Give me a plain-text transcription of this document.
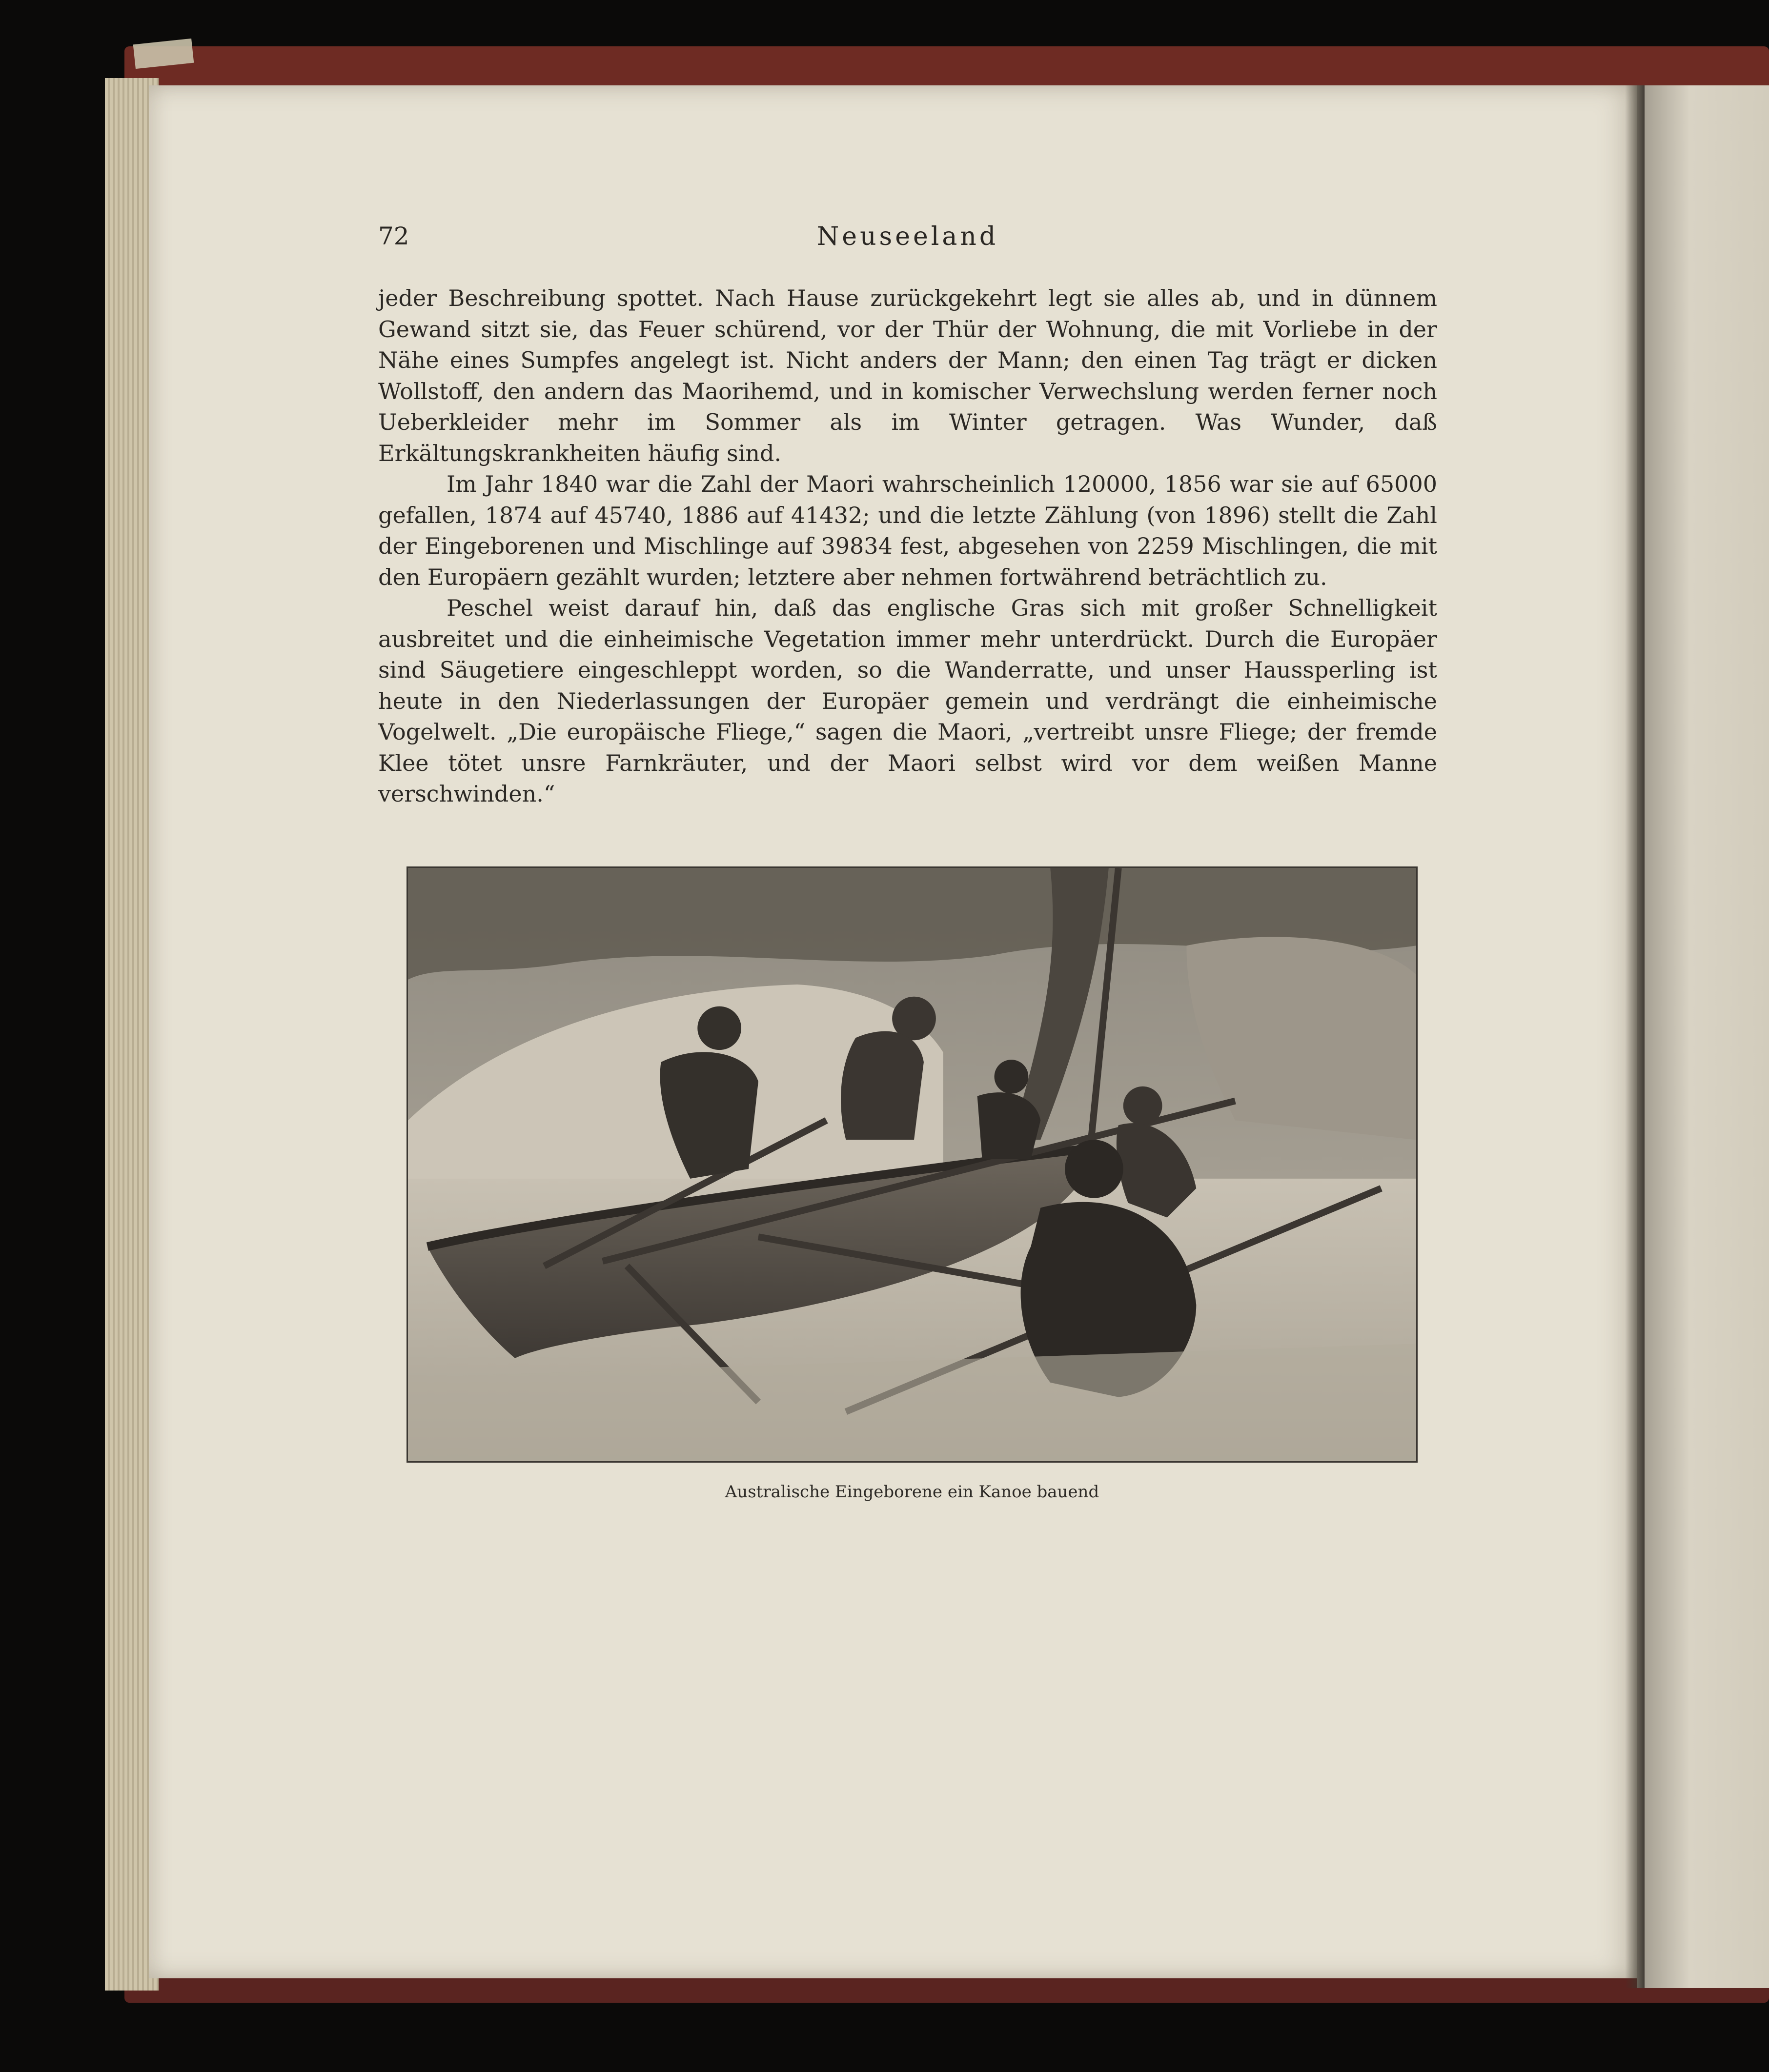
72	Neuseeland

jeder Beschreibung spottet. Nach Hause zurückgekehrt legt sie alles ab, und in dünnem Gewand sitzt sie, das Feuer schürend, vor der Thür der Wohnung, die mit Vorliebe in der Nähe eines Sumpfes angelegt ist. Nicht anders der Mann; den einen Tag trägt er dicken Wollstoff, den andern das Maorihemd, und in komischer Verwechslung werden ferner noch Ueberkleider mehr im Sommer als im Winter getragen. Was Wunder, daß Erkältungskrankheiten häufig sind.

Im Jahr 1840 war die Zahl der Maori wahrscheinlich 120000, 1856 war sie auf 65000 gefallen, 1874 auf 45740, 1886 auf 41432; und die letzte Zählung (von 1896) stellt die Zahl der Eingeborenen und Mischlinge auf 39834 fest, abgesehen von 2259 Mischlingen, die mit den Europäern gezählt wurden; letztere aber nehmen fortwährend beträchtlich zu.

Peschel weist darauf hin, daß das englische Gras sich mit großer Schnelligkeit ausbreitet und die einheimische Vegetation immer mehr unterdrückt. Durch die Europäer sind Säugetiere eingeschleppt worden, so die Wanderratte, und unser Haussperling ist heute in den Niederlassungen der Europäer gemein und verdrängt die einheimische Vogelwelt. „Die europäische Fliege,“ sagen die Maori, „vertreibt unsre Fliege; der fremde Klee tötet unsre Farnkräuter, und der Maori selbst wird vor dem weißen Manne verschwinden.“

Australische Eingeborene ein Kanoe bauend
